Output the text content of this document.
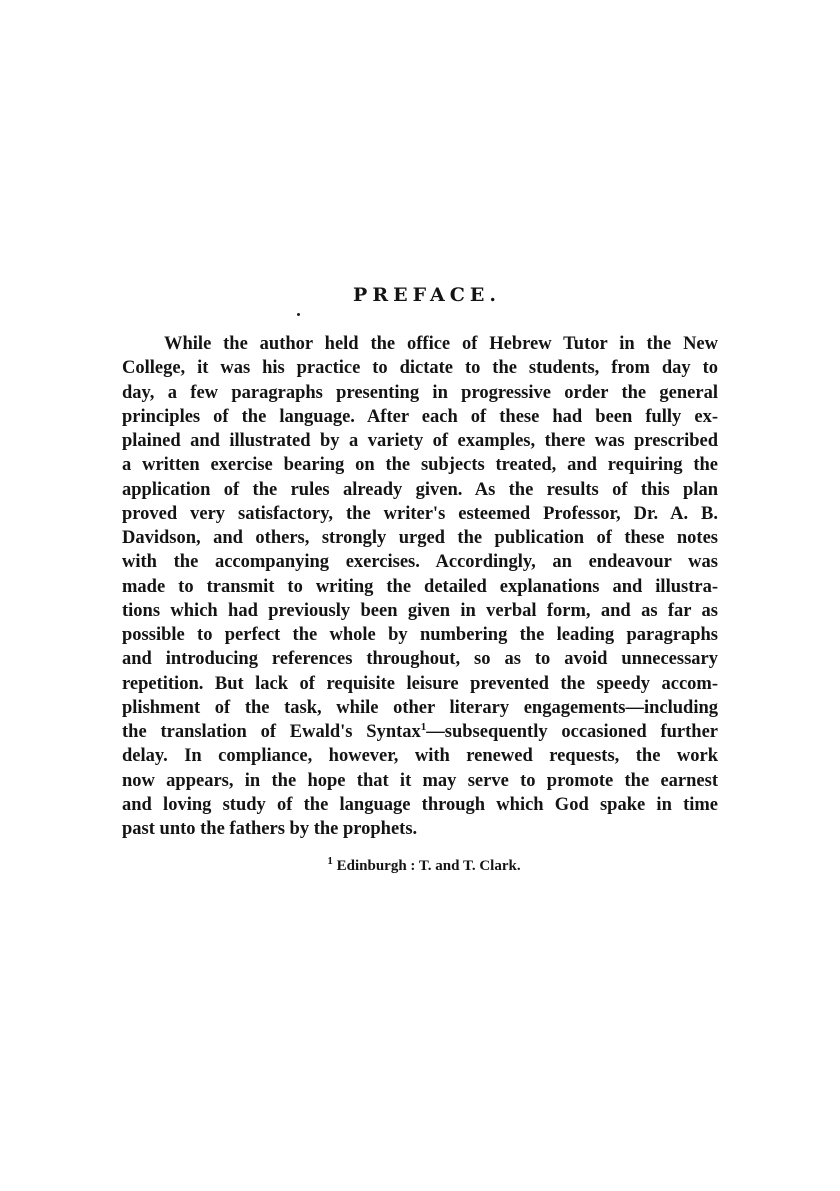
PREFACE.
While the author held the office of Hebrew Tutor in the New
College, it was his practice to dictate to the students, from day to
day, a few paragraphs presenting in progressive order the general
principles of the language. After each of these had been fully ex-
plained and illustrated by a variety of examples, there was prescribed
a written exercise bearing on the subjects treated, and requiring the
application of the rules already given. As the results of this plan
proved very satisfactory, the writer's esteemed Professor, Dr. A. B.
Davidson, and others, strongly urged the publication of these notes
with the accompanying exercises. Accordingly, an endeavour was
made to transmit to writing the detailed explanations and illustra-
tions which had previously been given in verbal form, and as far as
possible to perfect the whole by numbering the leading paragraphs
and introducing references throughout, so as to avoid unnecessary
repetition. But lack of requisite leisure prevented the speedy accom-
plishment of the task, while other literary engagements—including
the translation of Ewald's Syntax$^1$—subsequently occasioned further
delay. In compliance, however, with renewed requests, the work
now appears, in the hope that it may serve to promote the earnest
and loving study of the language through which God spake in time
past unto the fathers by the prophets.

$^1$ Edinburgh : T. and T. Clark.
